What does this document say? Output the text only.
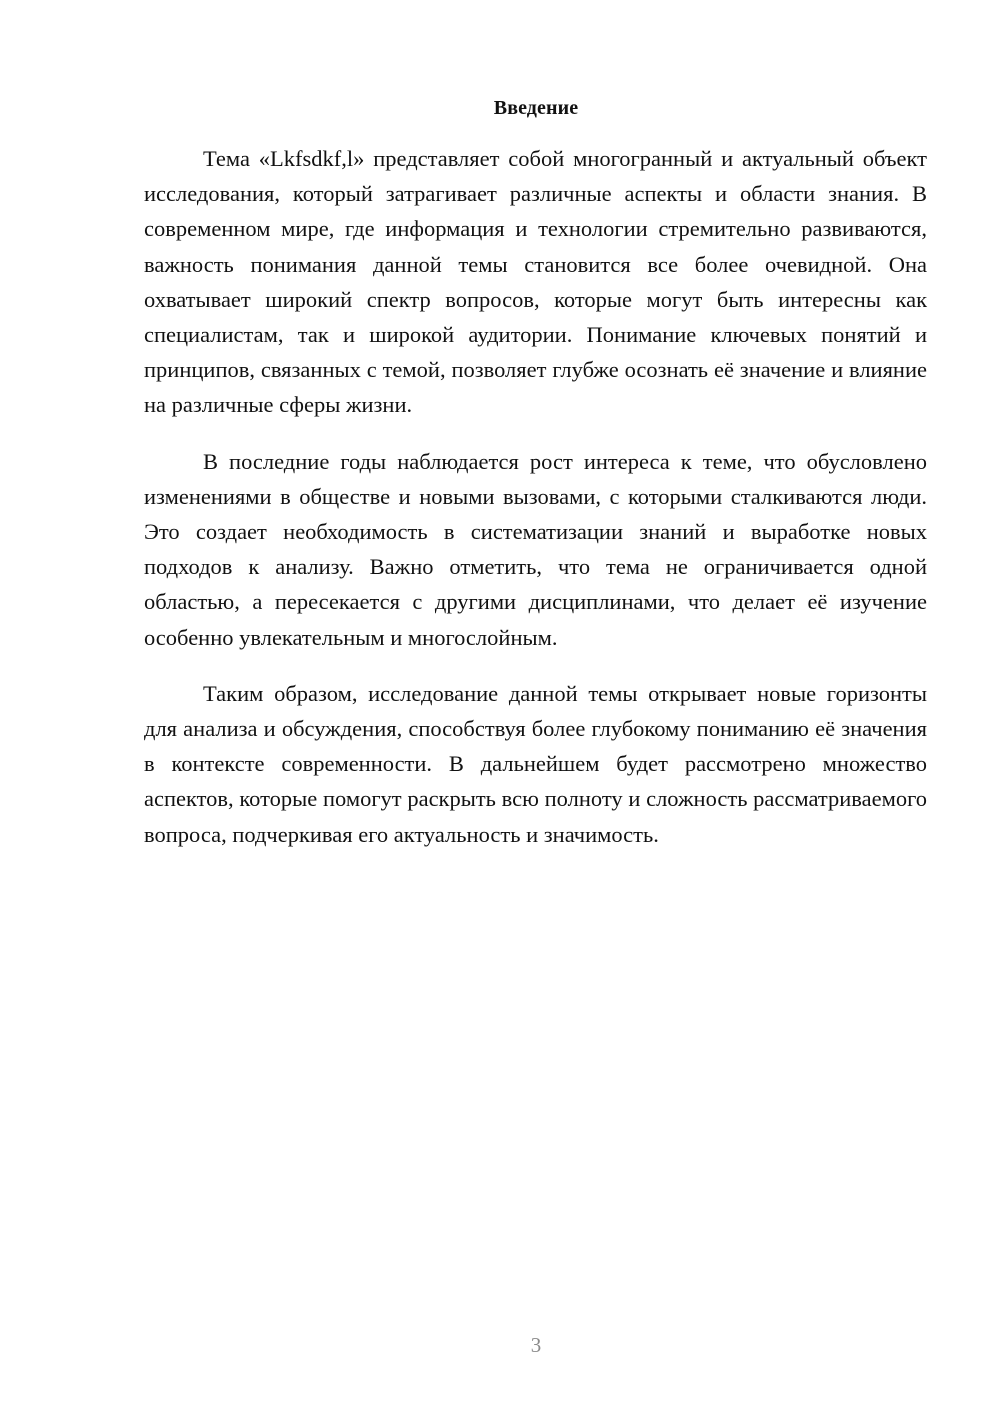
Введение

Тема «Lkfsdkf,l» представляет собой многогранный и актуальный объект исследования, который затрагивает различные аспекты и области знания. В современном мире, где информация и технологии стремительно развиваются, важность понимания данной темы становится все более очевидной. Она охватывает широкий спектр вопросов, которые могут быть интересны как специалистам, так и широкой аудитории. Понимание ключевых понятий и принципов, связанных с темой, позволяет глубже осознать её значение и влияние на различные сферы жизни.

В последние годы наблюдается рост интереса к теме, что обусловлено изменениями в обществе и новыми вызовами, с которыми сталкиваются люди. Это создает необходимость в систематизации знаний и выработке новых подходов к анализу. Важно отметить, что тема не ограничивается одной областью, а пересекается с другими дисциплинами, что делает её изучение особенно увлекательным и многослойным.

Таким образом, исследование данной темы открывает новые горизонты для анализа и обсуждения, способствуя более глубокому пониманию её значения в контексте современности. В дальнейшем будет рассмотрено множество аспектов, которые помогут раскрыть всю полноту и сложность рассматриваемого вопроса, подчеркивая его актуальность и значимость.

3
